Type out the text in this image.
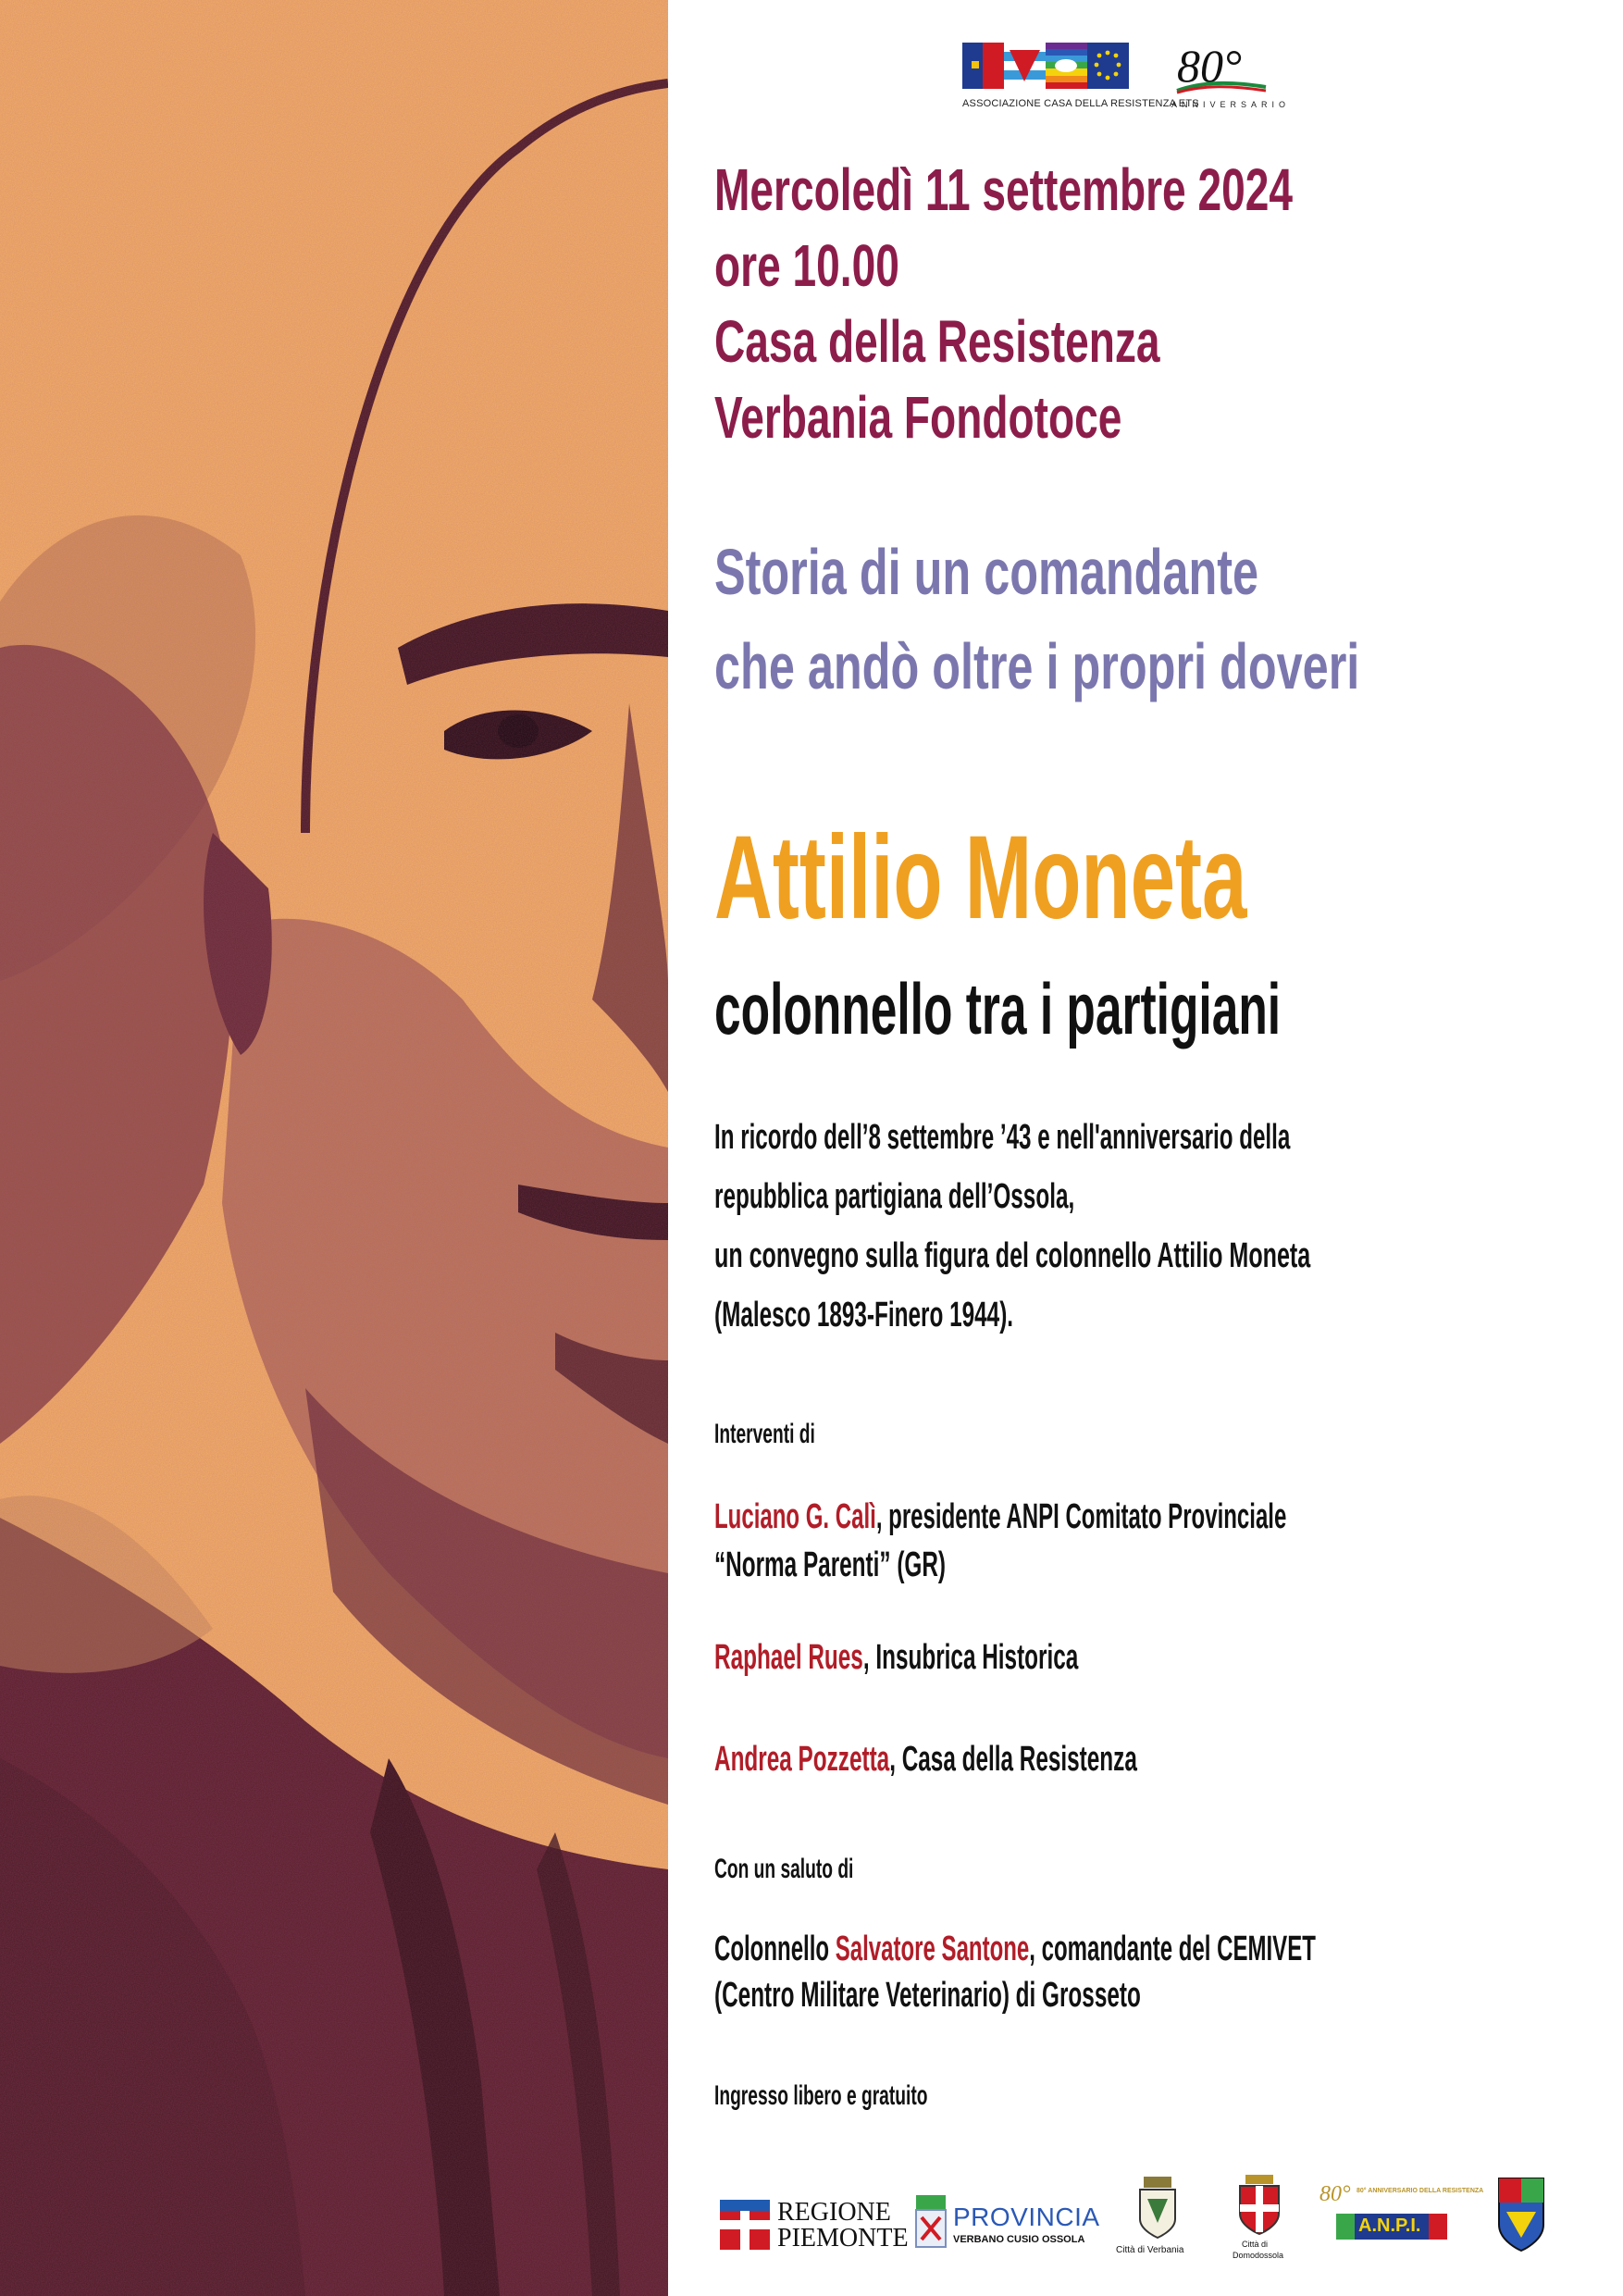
ASSOCIAZIONE CASA DELLA RESISTENZA ETS
80°
ANNIVERSARIO
Mercoledì 11 settembre 2024
ore 10.00
Casa della Resistenza
Verbania Fondotoce
Storia di un comandante
che andò oltre i propri doveri
Attilio Moneta
colonnello tra i partigiani
In ricordo dell’8 settembre ’43 e nell'anniversario della
repubblica partigiana dell’Ossola,
un convegno sulla figura del colonnello Attilio Moneta
(Malesco 1893-Finero 1944).
Interventi di
Luciano G. Calì, presidente ANPI Comitato Provinciale
“Norma Parenti” (GR)
Raphael Rues, Insubrica Historica
Andrea Pozzetta, Casa della Resistenza
Con un saluto di
Colonnello Salvatore Santone, comandante del CEMIVET
(Centro Militare Veterinario) di Grosseto
Ingresso libero e gratuito
REGIONE
PIEMONTE
PROVINCIA
VERBANO CUSIO OSSOLA
Città di Verbania
Città di
Domodossola
80° 80° ANNIVERSARIO DELLA RESISTENZA
A.N.P.I.
